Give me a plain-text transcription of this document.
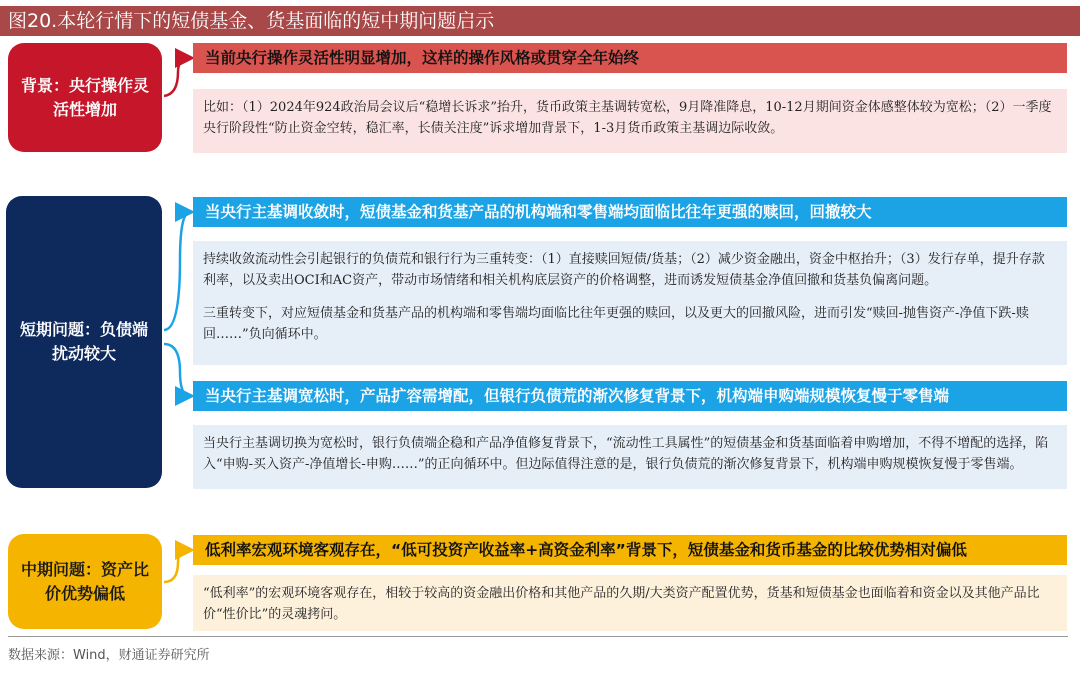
图20.本轮行情下的短债基金、货基面临的短中期问题启示
背景：央行操作灵活性增加
当前央行操作灵活性明显增加，这样的操作风格或贯穿全年始终
比如：（1）2024年924政治局会议后“稳增长诉求”抬升，货币政策主基调转宽松，9月降准降息，10-12月期间资金体感整体较为宽松；（2）一季度央行阶段性“防止资金空转，稳汇率，长债关注度”诉求增加背景下，1-3月货币政策主基调边际收敛。
短期问题：负债端扰动较大
当央行主基调收敛时，短债基金和货基产品的机构端和零售端均面临比往年更强的赎回，回撤较大

持续收敛流动性会引起银行的负债荒和银行行为三重转变：（1）直接赎回短债/货基；（2）减少资金融出，资金中枢抬升；（3）发行存单，提升存款利率，以及卖出OCI和AC资产，带动市场情绪和相关机构底层资产的价格调整，进而诱发短债基金净值回撤和货基负偏离问题。

三重转变下，对应短债基金和货基产品的机构端和零售端均面临比往年更强的赎回，以及更大的回撤风险，进而引发“赎回-抛售资产-净值下跌-赎回……”负向循环中。

当央行主基调宽松时，产品扩容需增配，但银行负债荒的渐次修复背景下，机构端申购端规模恢复慢于零售端
当央行主基调切换为宽松时，银行负债端企稳和产品净值修复背景下，“流动性工具属性”的短债基金和货基面临着申购增加，不得不增配的选择，陷入“申购-买入资产-净值增长-申购……”的正向循环中。但边际值得注意的是，银行负债荒的渐次修复背景下，机构端申购规模恢复慢于零售端。
中期问题：资产比价优势偏低
低利率宏观环境客观存在，“低可投资产收益率+高资金利率”背景下，短债基金和货币基金的比较优势相对偏低
“低利率”的宏观环境客观存在，相较于较高的资金融出价格和其他产品的久期/大类资产配置优势，货基和短债基金也面临着和资金以及其他产品比价“性价比”的灵魂拷问。
数据来源：Wind，财通证券研究所
